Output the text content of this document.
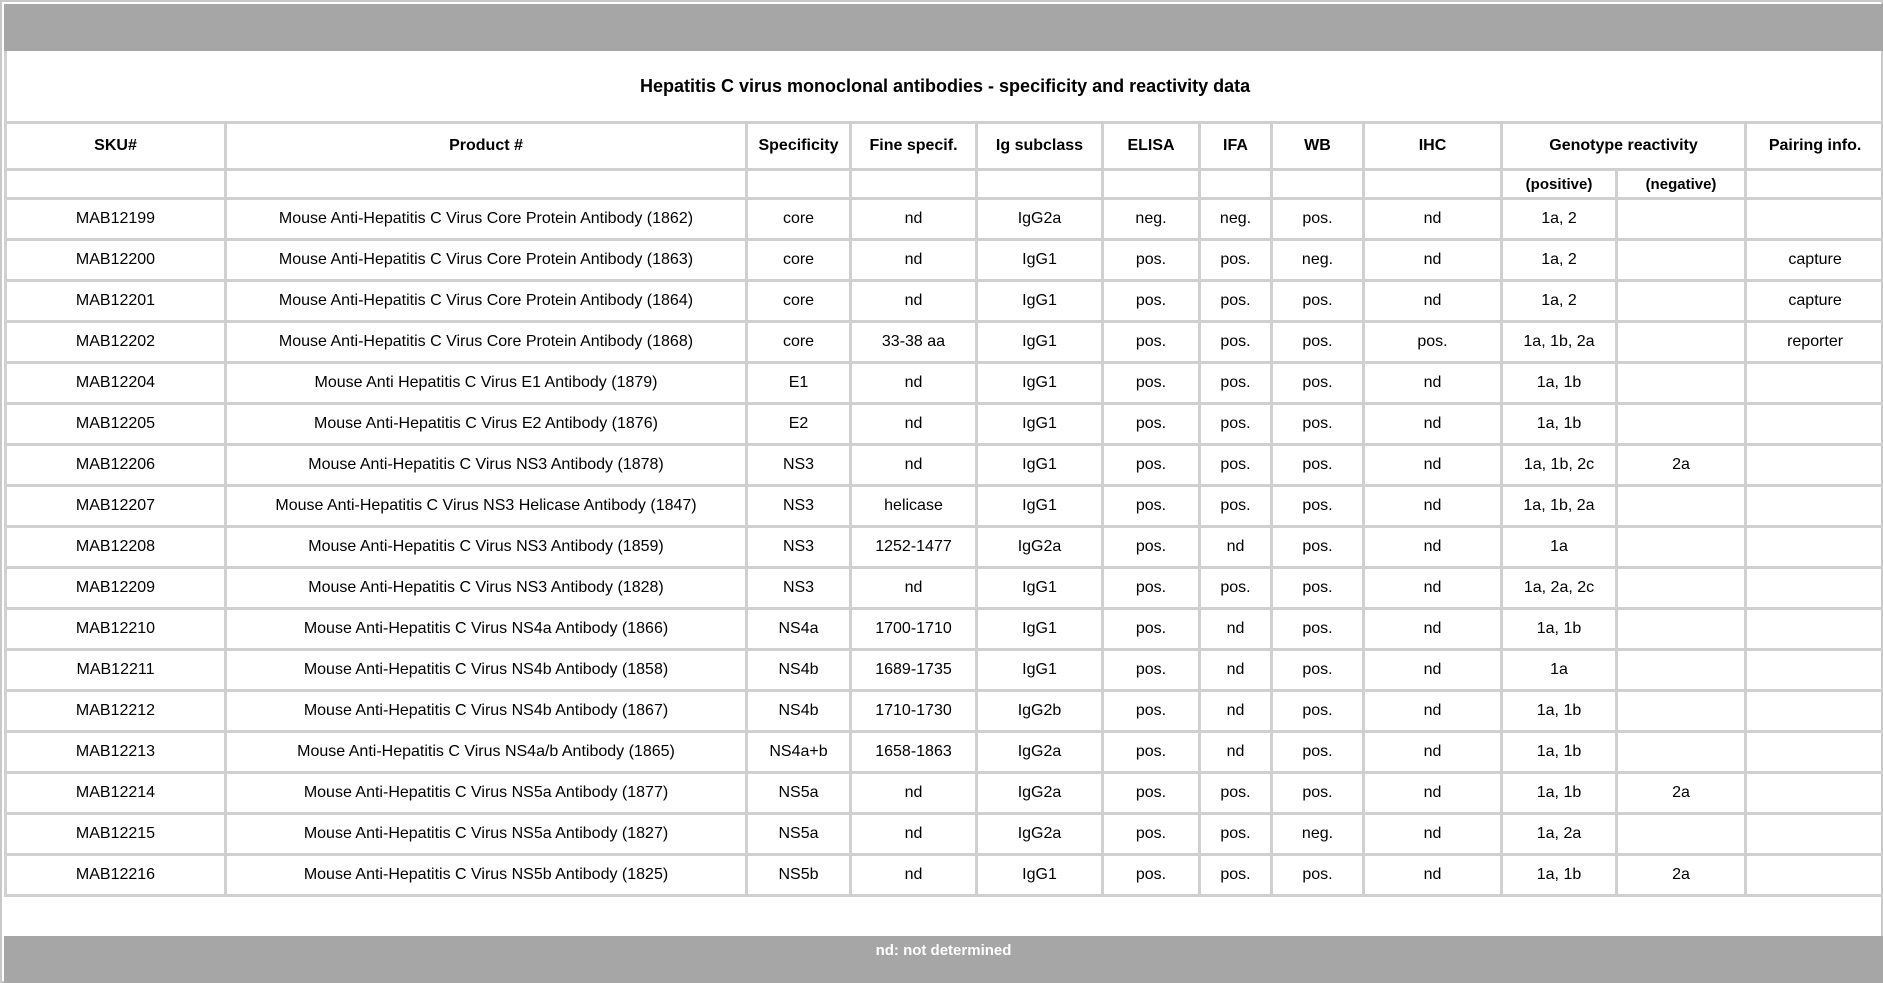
Hepatitis C virus monoclonal antibodies - specificity and reactivity data											
SKU#	Product #	Specificity	Fine specif.	Ig subclass	ELISA	IFA	WB	IHC	Genotype reactivity		Pairing info.
									(positive)	(negative)	
MAB12199	Mouse Anti-Hepatitis C Virus Core Protein Antibody (1862)	core	nd	IgG2a	neg.	neg.	pos.	nd	1a, 2		
MAB12200	Mouse Anti-Hepatitis C Virus Core Protein Antibody (1863)	core	nd	IgG1	pos.	pos.	neg.	nd	1a, 2		capture
MAB12201	Mouse Anti-Hepatitis C Virus Core Protein Antibody (1864)	core	nd	IgG1	pos.	pos.	pos.	nd	1a, 2		capture
MAB12202	Mouse Anti-Hepatitis C Virus Core Protein Antibody (1868)	core	33-38 aa	IgG1	pos.	pos.	pos.	pos.	1a, 1b, 2a		reporter
MAB12204	Mouse Anti Hepatitis C Virus E1 Antibody (1879)	E1	nd	IgG1	pos.	pos.	pos.	nd	1a, 1b		
MAB12205	Mouse Anti-Hepatitis C Virus E2 Antibody (1876)	E2	nd	IgG1	pos.	pos.	pos.	nd	1a, 1b		
MAB12206	Mouse Anti-Hepatitis C Virus NS3 Antibody (1878)	NS3	nd	IgG1	pos.	pos.	pos.	nd	1a, 1b, 2c	2a	
MAB12207	Mouse Anti-Hepatitis C Virus NS3 Helicase Antibody (1847)	NS3	helicase	IgG1	pos.	pos.	pos.	nd	1a, 1b, 2a		
MAB12208	Mouse Anti-Hepatitis C Virus NS3 Antibody (1859)	NS3	1252-1477	IgG2a	pos.	nd	pos.	nd	1a		
MAB12209	Mouse Anti-Hepatitis C Virus NS3 Antibody (1828)	NS3	nd	IgG1	pos.	pos.	pos.	nd	1a, 2a, 2c		
MAB12210	Mouse Anti-Hepatitis C Virus NS4a Antibody (1866)	NS4a	1700-1710	IgG1	pos.	nd	pos.	nd	1a, 1b		
MAB12211	Mouse Anti-Hepatitis C Virus NS4b Antibody (1858)	NS4b	1689-1735	IgG1	pos.	nd	pos.	nd	1a		
MAB12212	Mouse Anti-Hepatitis C Virus NS4b Antibody (1867)	NS4b	1710-1730	IgG2b	pos.	nd	pos.	nd	1a, 1b		
MAB12213	Mouse Anti-Hepatitis C Virus NS4a/b Antibody (1865)	NS4a+b	1658-1863	IgG2a	pos.	nd	pos.	nd	1a, 1b		
MAB12214	Mouse Anti-Hepatitis C Virus NS5a Antibody (1877)	NS5a	nd	IgG2a	pos.	pos.	pos.	nd	1a, 1b	2a	
MAB12215	Mouse Anti-Hepatitis C Virus NS5a Antibody (1827)	NS5a	nd	IgG2a	pos.	pos.	neg.	nd	1a, 2a		
MAB12216	Mouse Anti-Hepatitis C Virus NS5b Antibody (1825)	NS5b	nd	IgG1	pos.	pos.	pos.	nd	1a, 1b	2a	
nd: not determined
